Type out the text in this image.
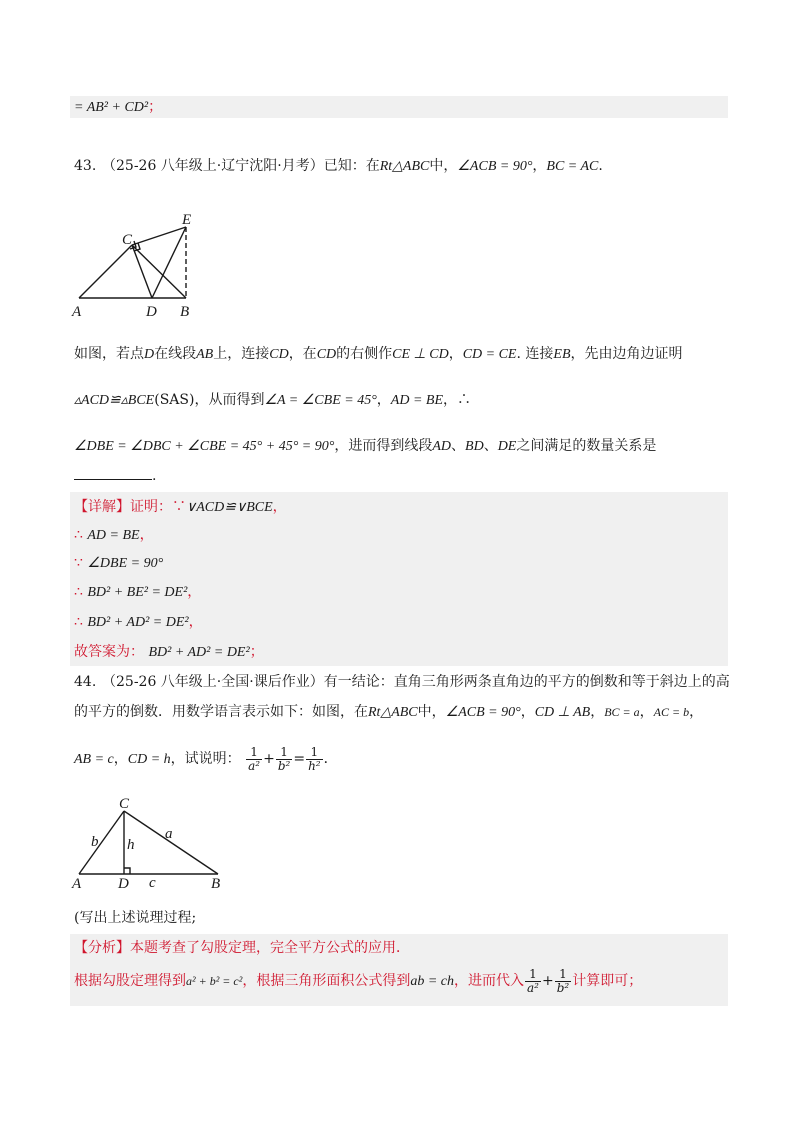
= AB² + CD²；
43. （25-26 八年级上·辽宁沈阳·月考）已知：在Rt△ABC中，∠ACB = 90°，BC = AC.
A	D B
C
E
如图，若点D在线段AB上，连接CD，在CD的右侧作CE ⊥ CD，CD = CE. 连接EB，先由边角边证明
▵ACD≌▵BCE(SAS)，从而得到∠A = ∠CBE = 45°，AD = BE，∴
∠DBE = ∠DBC + ∠CBE = 45° + 45° = 90°，进而得到线段AD、BD、DE之间满足的数量关系是
.
【详解】证明：∵∨ACD≌∨BCE，
∴ AD = BE，
∵ ∠DBE = 90°
∴ BD² + BE² = DE²，
∴ BD² + AD² = DE²，
故答案为： BD² + AD² = DE²；
44. （25-26 八年级上·全国·课后作业）有一结论：直角三角形两条直角边的平方的倒数和等于斜边上的高
的平方的倒数．用数学语言表示如下：如图，在Rt△ABC中，∠ACB = 90°，CD ⊥ AB，BC = a，AC = b，
AB = c，CD = h，试说明： $\frac{1}{\text{a²}} + \frac{1}{\text{b²}} = \frac{1}{\text{h²}}$ ．
C
A D	B
b	a
h
c
(写出上述说理过程;
【分析】本题考查了勾股定理，完全平方公式的应用．
根据勾股定理得到a² + b² = c²，根据三角形面积公式得到ab = ch，进而代入 $\frac{1}{\text{a²}} + \frac{1}{\text{b²}}$ 计算即可；
